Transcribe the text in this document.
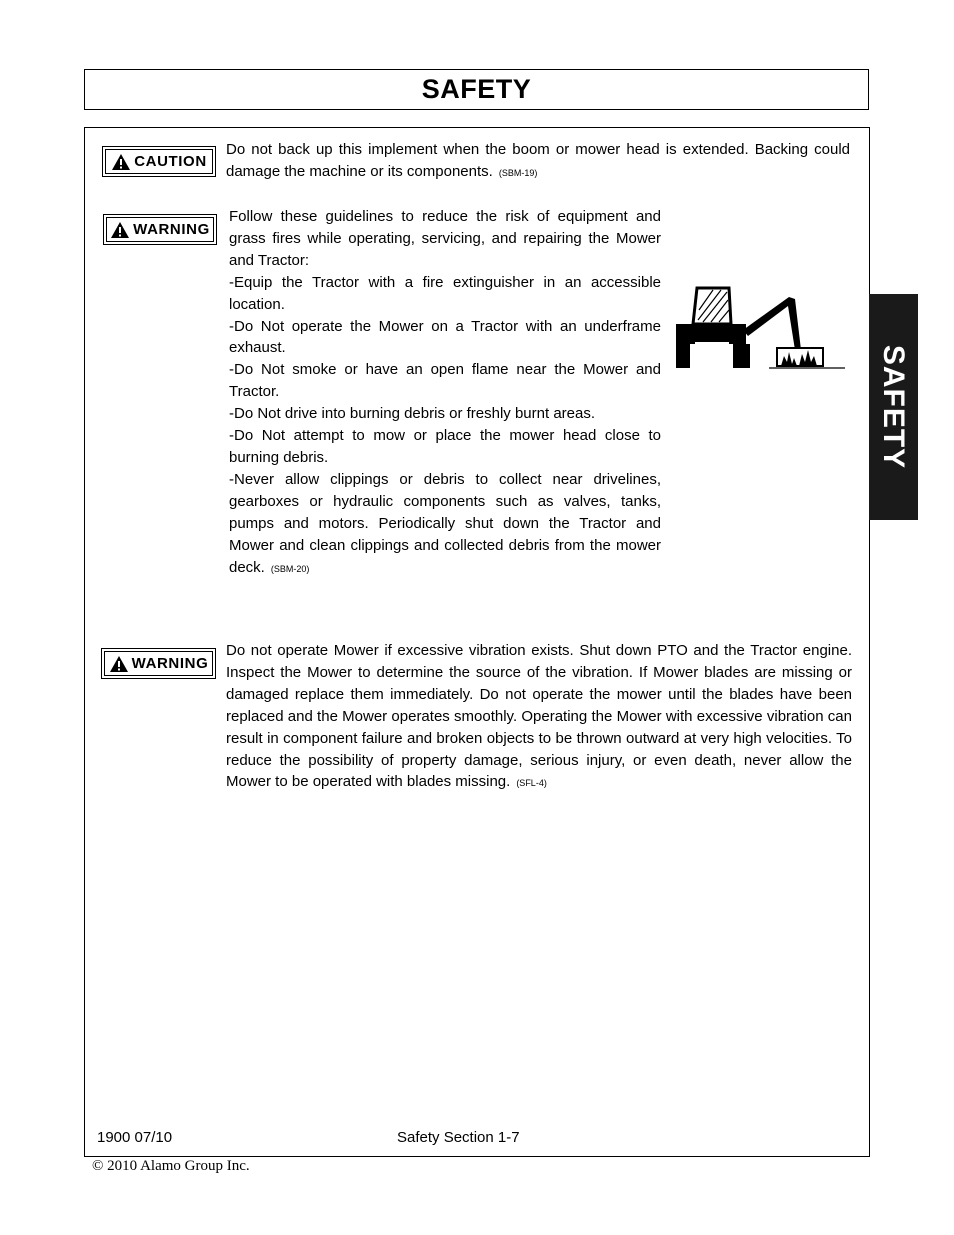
SAFETY
SAFETY
CAUTION
Do not back up this implement when the boom or mower head is extended. Backing could damage the machine or its components. (SBM-19)
WARNING
Follow these guidelines to reduce the risk of equipment and grass fires while operating, servicing, and repairing the Mower and Tractor:
-Equip the Tractor with a fire extinguisher in an accessible location.
-Do Not operate the Mower on a Tractor with an underframe exhaust.
-Do Not smoke or have an open flame near the Mower and Tractor.
-Do Not drive into burning debris or freshly burnt areas.
-Do Not attempt to mow or place the mower head close to burning debris.
-Never allow clippings or debris to collect near drivelines, gearboxes or hydraulic components such as valves, tanks, pumps and motors. Periodically shut down the Tractor and Mower and clean clippings and collected debris from the mower deck. (SBM-20)
WARNING
Do not operate Mower if excessive vibration exists. Shut down PTO and the Tractor engine. Inspect the Mower to determine the source of the vibration. If Mower blades are missing or damaged replace them immediately. Do not operate the mower until the blades have been replaced and the Mower operates smoothly. Operating the Mower with excessive vibration can result in component failure and broken objects to be thrown outward at very high velocities. To reduce the possibility of property damage, serious injury, or even death, never allow the Mower to be operated with blades missing. (SFL-4)
1900 07/10	Safety Section 1-7
© 2010 Alamo Group Inc.
